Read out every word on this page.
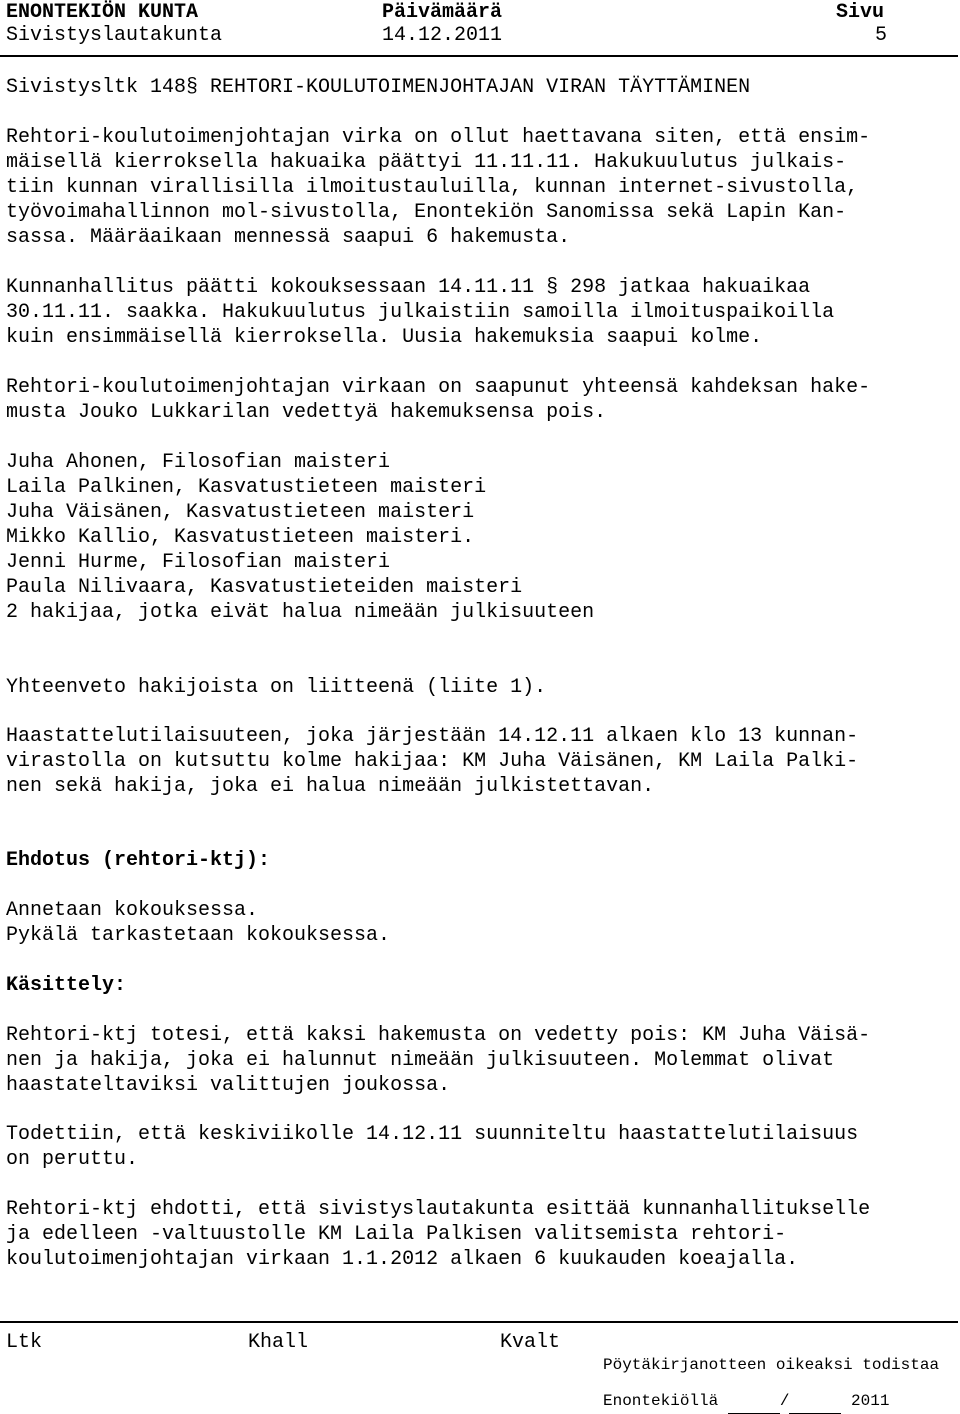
ENONTEKIÖN KUNTA	Päivämäärä	Sivu
Sivistyslautakunta	14.12.2011	5
Sivistysltk 148§ REHTORI-KOULUTOIMENJOHTAJAN VIRAN TÄYTTÄMINEN
Rehtori-koulutoimenjohtajan virka on ollut haettavana siten, että ensim-
mäisellä kierroksella hakuaika päättyi 11.11.11. Hakukuulutus julkais-
tiin kunnan virallisilla ilmoitustauluilla, kunnan internet-sivustolla,
työvoimahallinnon mol-sivustolla, Enontekiön Sanomissa sekä Lapin Kan-
sassa. Määräaikaan mennessä saapui 6 hakemusta.
Kunnanhallitus päätti kokouksessaan 14.11.11 § 298 jatkaa hakuaikaa
30.11.11. saakka. Hakukuulutus julkaistiin samoilla ilmoituspaikoilla
kuin ensimmäisellä kierroksella. Uusia hakemuksia saapui kolme.
Rehtori-koulutoimenjohtajan virkaan on saapunut yhteensä kahdeksan hake-
musta Jouko Lukkarilan vedettyä hakemuksensa pois.
Juha Ahonen, Filosofian maisteri
Laila Palkinen, Kasvatustieteen maisteri
Juha Väisänen, Kasvatustieteen maisteri
Mikko Kallio, Kasvatustieteen maisteri.
Jenni Hurme, Filosofian maisteri
Paula Nilivaara, Kasvatustieteiden maisteri
2 hakijaa, jotka eivät halua nimeään julkisuuteen
Yhteenveto hakijoista on liitteenä (liite 1).
Haastattelutilaisuuteen, joka järjestään 14.12.11 alkaen klo 13 kunnan-
virastolla on kutsuttu kolme hakijaa: KM Juha Väisänen, KM Laila Palki-
nen sekä hakija, joka ei halua nimeään julkistettavan.
Ehdotus (rehtori-ktj):
Annetaan kokouksessa.
Pykälä tarkastetaan kokouksessa.
Käsittely:
Rehtori-ktj totesi, että kaksi hakemusta on vedetty pois: KM Juha Väisä-
nen ja hakija, joka ei halunnut nimeään julkisuuteen. Molemmat olivat
haastateltaviksi valittujen joukossa.
Todettiin, että keskiviikolle 14.12.11 suunniteltu haastattelutilaisuus
on peruttu.
Rehtori-ktj ehdotti, että sivistyslautakunta esittää kunnanhallitukselle
ja edelleen -valtuustolle KM Laila Palkisen valitsemista rehtori-
koulutoimenjohtajan virkaan 1.1.2012 alkaen 6 kuukauden koeajalla.
Ltk	Khall	Kvalt
Pöytäkirjanotteen oikeaksi todistaa
Enontekiöllä	/	2011
